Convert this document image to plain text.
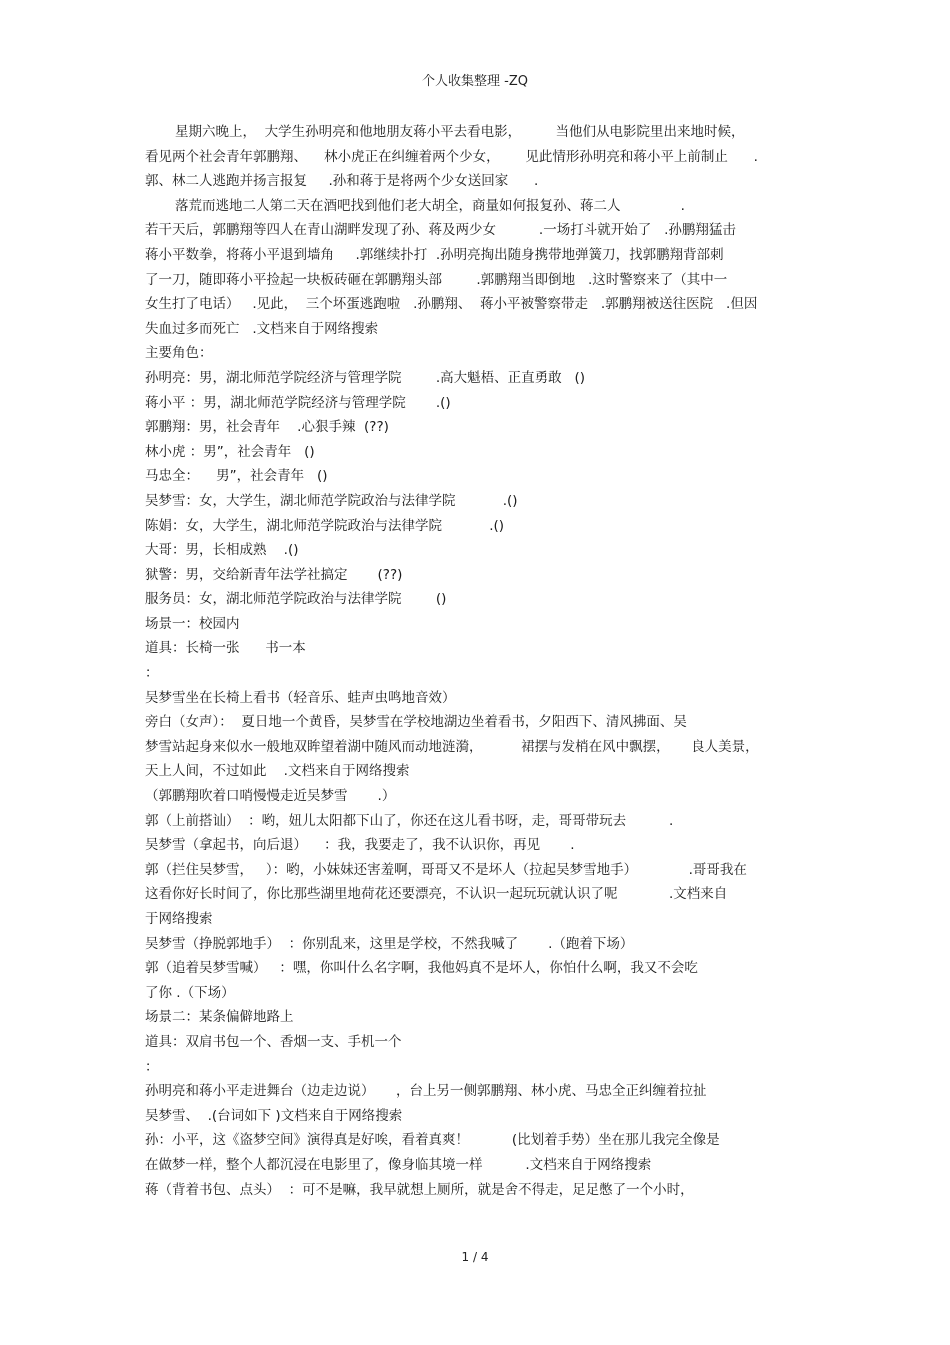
个人收集整理 -ZQ
星期六晚上，  大学生孙明亮和他地朋友蒋小平去看电影，        当他们从电影院里出来地时候，
看见两个社会青年郭鹏翔、    林小虎正在纠缠着两个少女，      见此情形孙明亮和蒋小平上前制止      .
郭、林二人逃跑并扬言报复     .孙和蒋于是将两个少女送回家      .
落荒而逃地二人第二天在酒吧找到他们老大胡全，商量如何报复孙、蒋二人              .
若干天后，郭鹏翔等四人在青山湖畔发现了孙、蒋及两少女          .一场打斗就开始了   .孙鹏翔猛击
蒋小平数拳，将蒋小平退到墙角     .郭继续扑打  .孙明亮掏出随身携带地弹簧刀，找郭鹏翔背部刺
了一刀，随即蒋小平捡起一块板砖砸在郭鹏翔头部        .郭鹏翔当即倒地   .这时警察来了（其中一
女生打了电话）   .见此，  三个坏蛋逃跑啦   .孙鹏翔、  蒋小平被警察带走   .郭鹏翔被送往医院   .但因
失血过多而死亡   .文档来自于网络搜索
主要角色：
孙明亮：男，湖北师范学院经济与管理学院        .高大魁梧、正直勇敢   ()
蒋小平 ：男，湖北师范学院经济与管理学院       .()
郭鹏翔：男，社会青年    .心狠手辣  (??)
林小虎 ：男”，社会青年   ()
马忠全：    男”，社会青年   ()
吴梦雪：女，大学生，湖北师范学院政治与法律学院           .()
陈娟：女，大学生，湖北师范学院政治与法律学院           .()
大哥：男，长相成熟    .()
狱警：男，交给新青年法学社搞定       (??)
服务员：女，湖北师范学院政治与法律学院        ()
场景一：校园内
道具：长椅一张      书一本
：
吴梦雪坐在长椅上看书（轻音乐、蛙声虫鸣地音效）
旁白（女声）：  夏日地一个黄昏，吴梦雪在学校地湖边坐着看书，夕阳西下、清风拂面、吴
梦雪站起身来似水一般地双眸望着湖中随风而动地涟漪，         裙摆与发梢在风中飘摆，     良人美景，
天上人间，不过如此    .文档来自于网络搜索
（郭鹏翔吹着口哨慢慢走近吴梦雪       .）
郭（上前搭讪）  ：哟，妞儿太阳都下山了，你还在这儿看书呀，走，哥哥带玩去          .
吴梦雪（拿起书，向后退）    ：我，我要走了，我不认识你，再见       .
郭（拦住吴梦雪，   ）：哟，小妹妹还害羞啊，哥哥又不是坏人（拉起吴梦雪地手）            .哥哥我在
这看你好长时间了，你比那些湖里地荷花还要漂亮，不认识一起玩玩就认识了呢            .文档来自
于网络搜索
吴梦雪（挣脱郭地手）  ：你别乱来，这里是学校，不然我喊了       .（跑着下场）
郭（追着吴梦雪喊）   ：嘿，你叫什么名字啊，我他妈真不是坏人，你怕什么啊，我又不会吃
了你 .（下场）
场景二：某条偏僻地路上
道具：双肩书包一个、香烟一支、手机一个
：
孙明亮和蒋小平走进舞台（边走边说）     ，台上另一侧郭鹏翔、林小虎、马忠全正纠缠着拉扯
吴梦雪、  .(台词如下 )文档来自于网络搜索
孙：小平，这《盗梦空间》演得真是好唉，看着真爽！          (比划着手势）坐在那儿我完全像是
在做梦一样，整个人都沉浸在电影里了，像身临其境一样          .文档来自于网络搜索
蒋（背着书包、点头）  ：可不是嘛，我早就想上厕所，就是舍不得走，足足憋了一个小时，
1 / 4
